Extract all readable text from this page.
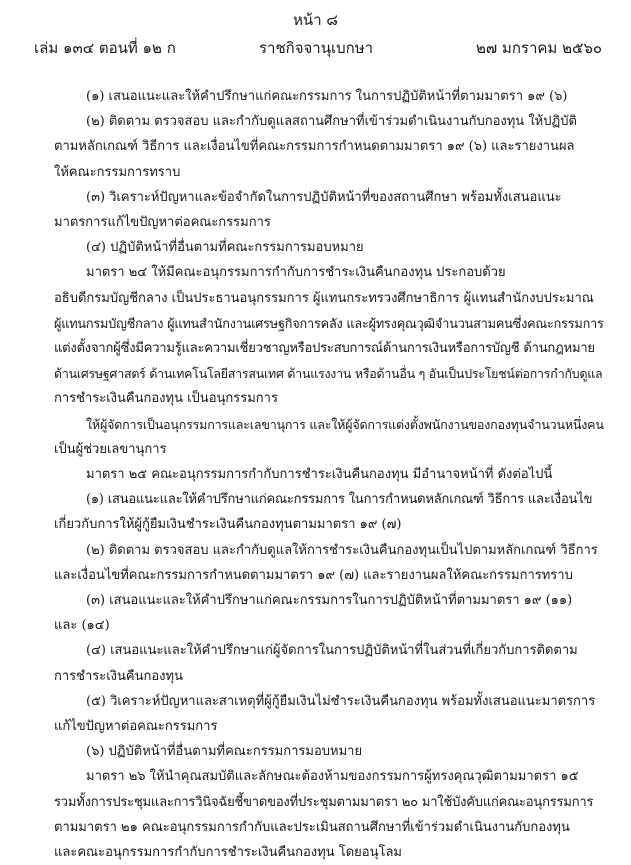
หน้า ๘
เล่ม ๑๓๔ ตอนที่ ๑๒ ก	ราชกิจจานุเบกษา	๒๗ มกราคม ๒๕๖๐

(๑) เสนอแนะและให้คำปรึกษาแก่คณะกรรมการ ในการปฏิบัติหน้าที่ตามมาตรา ๑๙ (๖)

(๒) ติดตาม ตรวจสอบ และกำกับดูแลสถานศึกษาที่เข้าร่วมดำเนินงานกับกองทุน ให้ปฏิบัติ

ตามหลักเกณฑ์ วิธีการ และเงื่อนไขที่คณะกรรมการกำหนดตามมาตรา ๑๙ (๖) และรายงานผล

ให้คณะกรรมการทราบ

(๓) วิเคราะห์ปัญหาและข้อจำกัดในการปฏิบัติหน้าที่ของสถานศึกษา พร้อมทั้งเสนอแนะ

มาตรการแก้ไขปัญหาต่อคณะกรรมการ

(๔) ปฏิบัติหน้าที่อื่นตามที่คณะกรรมการมอบหมาย

มาตรา ๒๔ ให้มีคณะอนุกรรมการกำกับการชำระเงินคืนกองทุน ประกอบด้วย

อธิบดีกรมบัญชีกลาง เป็นประธานอนุกรรมการ ผู้แทนกระทรวงศึกษาธิการ ผู้แทนสำนักงบประมาณ

ผู้แทนกรมบัญชีกลาง ผู้แทนสำนักงานเศรษฐกิจการคลัง และผู้ทรงคุณวุฒิจำนวนสามคนซึ่งคณะกรรมการ

แต่งตั้งจากผู้ซึ่งมีความรู้และความเชี่ยวชาญหรือประสบการณ์ด้านการเงินหรือการบัญชี ด้านกฎหมาย

ด้านเศรษฐศาสตร์ ด้านเทคโนโลยีสารสนเทศ ด้านแรงงาน หรือด้านอื่น ๆ อันเป็นประโยชน์ต่อการกำกับดูแล

การชำระเงินคืนกองทุน เป็นอนุกรรมการ

ให้ผู้จัดการเป็นอนุกรรมการและเลขานุการ และให้ผู้จัดการแต่งตั้งพนักงานของกองทุนจำนวนหนึ่งคน

เป็นผู้ช่วยเลขานุการ

มาตรา ๒๕ คณะอนุกรรมการกำกับการชำระเงินคืนกองทุน มีอำนาจหน้าที่ ดังต่อไปนี้

(๑) เสนอแนะและให้คำปรึกษาแก่คณะกรรมการ ในการกำหนดหลักเกณฑ์ วิธีการ และเงื่อนไข

เกี่ยวกับการให้ผู้กู้ยืมเงินชำระเงินคืนกองทุนตามมาตรา ๑๙ (๗)

(๒) ติดตาม ตรวจสอบ และกำกับดูแลให้การชำระเงินคืนกองทุนเป็นไปตามหลักเกณฑ์ วิธีการ

และเงื่อนไขที่คณะกรรมการกำหนดตามมาตรา ๑๙ (๗) และรายงานผลให้คณะกรรมการทราบ

(๓) เสนอแนะและให้คำปรึกษาแก่คณะกรรมการในการปฏิบัติหน้าที่ตามมาตรา ๑๙ (๑๑)

และ (๑๔)

(๔) เสนอแนะและให้คำปรึกษาแก่ผู้จัดการในการปฏิบัติหน้าที่ในส่วนที่เกี่ยวกับการติดตาม

การชำระเงินคืนกองทุน

(๕) วิเคราะห์ปัญหาและสาเหตุที่ผู้กู้ยืมเงินไม่ชำระเงินคืนกองทุน พร้อมทั้งเสนอแนะมาตรการ

แก้ไขปัญหาต่อคณะกรรมการ

(๖) ปฏิบัติหน้าที่อื่นตามที่คณะกรรมการมอบหมาย

มาตรา ๒๖ ให้นำคุณสมบัติและลักษณะต้องห้ามของกรรมการผู้ทรงคุณวุฒิตามมาตรา ๑๕

รวมทั้งการประชุมและการวินิจฉัยชี้ขาดของที่ประชุมตามมาตรา ๒๐ มาใช้บังคับแก่คณะอนุกรรมการ

ตามมาตรา ๒๑ คณะอนุกรรมการกำกับและประเมินสถานศึกษาที่เข้าร่วมดำเนินงานกับกองทุน

และคณะอนุกรรมการกำกับการชำระเงินคืนกองทุน โดยอนุโลม
